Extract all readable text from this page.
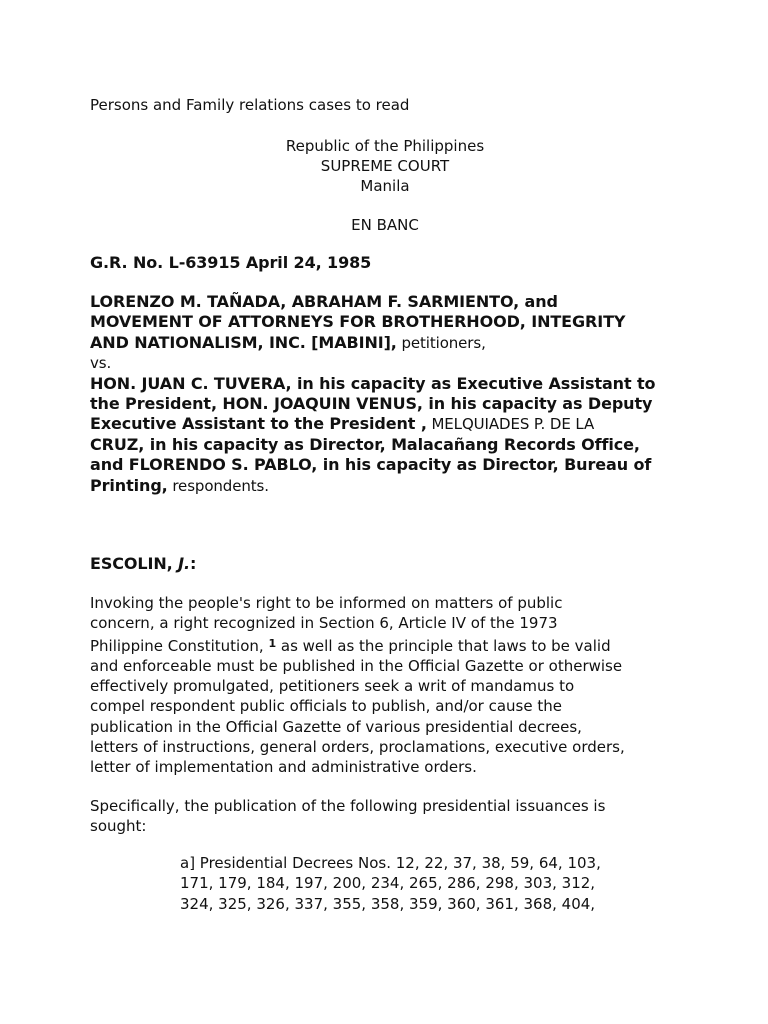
Persons and Family relations cases to read
Republic of the Philippines
SUPREME COURT
Manila
EN BANC
G.R. No. L-63915 April 24, 1985
LORENZO M. TAÑADA, ABRAHAM F. SARMIENTO, and
MOVEMENT OF ATTORNEYS FOR BROTHERHOOD, INTEGRITY
AND NATIONALISM, INC. [MABINI], petitioners,
vs.
HON. JUAN C. TUVERA, in his capacity as Executive Assistant to
the President, HON. JOAQUIN VENUS, in his capacity as Deputy
Executive Assistant to the President , MELQUIADES P. DE LA
CRUZ, in his capacity as Director, Malacañang Records Office,
and FLORENDO S. PABLO, in his capacity as Director, Bureau of
Printing, respondents.
ESCOLIN, J.:
Invoking the people's right to be informed on matters of public
concern, a right recognized in Section 6, Article IV of the 1973
Philippine Constitution, $^1$ as well as the principle that laws to be valid
and enforceable must be published in the Official Gazette or otherwise
effectively promulgated, petitioners seek a writ of mandamus to
compel respondent public officials to publish, and/or cause the
publication in the Official Gazette of various presidential decrees,
letters of instructions, general orders, proclamations, executive orders,
letter of implementation and administrative orders.
Specifically, the publication of the following presidential issuances is
sought:
a] Presidential Decrees Nos. 12, 22, 37, 38, 59, 64, 103,
171, 179, 184, 197, 200, 234, 265, 286, 298, 303, 312,
324, 325, 326, 337, 355, 358, 359, 360, 361, 368, 404,
